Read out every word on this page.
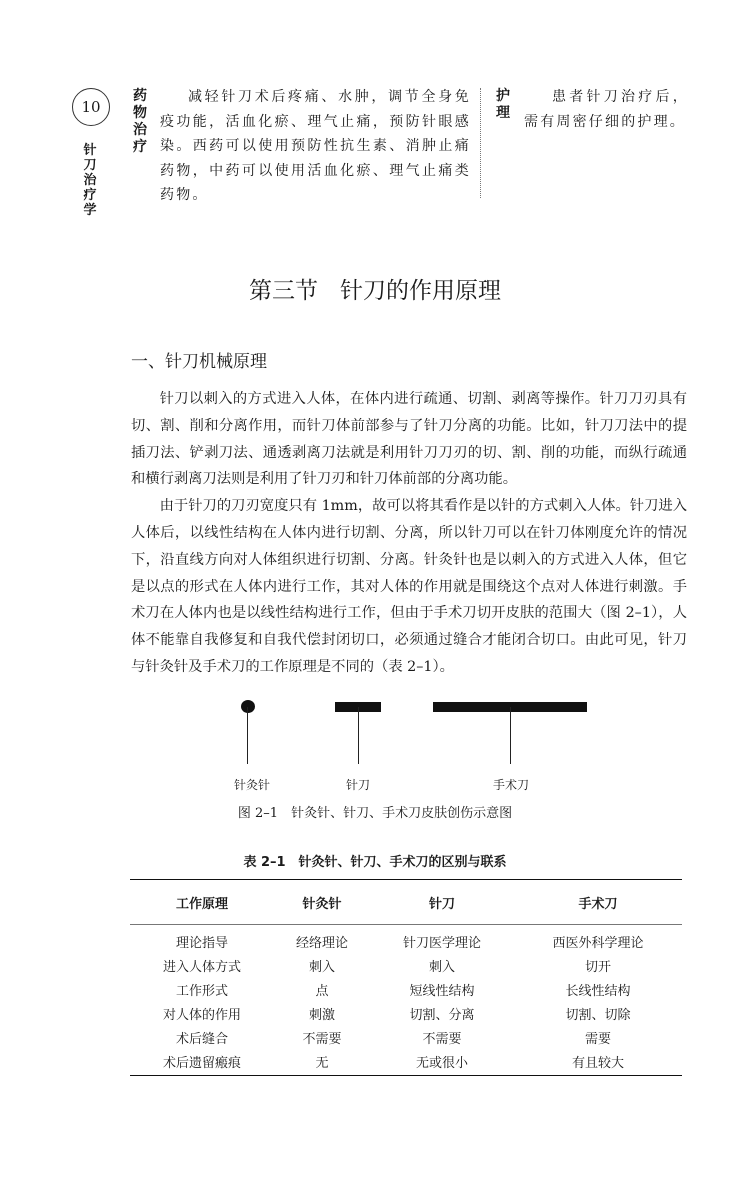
10
针
刀
治
疗
学
药
物
治
疗
减轻针刀术后疼痛、水肿，调节全身免疫功能，活血化瘀、理气止痛，预防针眼感染。西药可以使用预防性抗生素、消肿止痛药物，中药可以使用活血化瘀、理气止痛类药物。
护
理
患者针刀治疗后，需有周密仔细的护理。
第三节 针刀的作用原理
一、针刀机械原理

针刀以刺入的方式进入人体，在体内进行疏通、切割、剥离等操作。针刀刀刃具有切、割、削和分离作用，而针刀体前部参与了针刀分离的功能。比如，针刀刀法中的提插刀法、铲剥刀法、通透剥离刀法就是利用针刀刀刃的切、割、削的功能，而纵行疏通和横行剥离刀法则是利用了针刀刃和针刀体前部的分离功能。

由于针刀的刀刃宽度只有 1mm，故可以将其看作是以针的方式刺入人体。针刀进入人体后，以线性结构在人体内进行切割、分离，所以针刀可以在针刀体刚度允许的情况下，沿直线方向对人体组织进行切割、分离。针灸针也是以刺入的方式进入人体，但它是以点的形式在人体内进行工作，其对人体的作用就是围绕这个点对人体进行刺激。手术刀在人体内也是以线性结构进行工作，但由于手术刀切开皮肤的范围大（图 2–1），人体不能靠自我修复和自我代偿封闭切口，必须通过缝合才能闭合切口。由此可见，针刀与针灸针及手术刀的工作原理是不同的（表 2–1）。

针灸针	针刀	手术刀
图 2–1　针灸针、针刀、手术刀皮肤创伤示意图
表 2–1　针灸针、针刀、手术刀的区别与联系
工作原理	针灸针	针刀	手术刀
理论指导	经络理论	针刀医学理论	西医外科学理论
进入人体方式	刺入	刺入	切开
工作形式	点	短线性结构	长线性结构
对人体的作用	刺激	切割、分离	切割、切除
术后缝合	不需要	不需要	需要
术后遗留瘢痕	无	无或很小	有且较大
